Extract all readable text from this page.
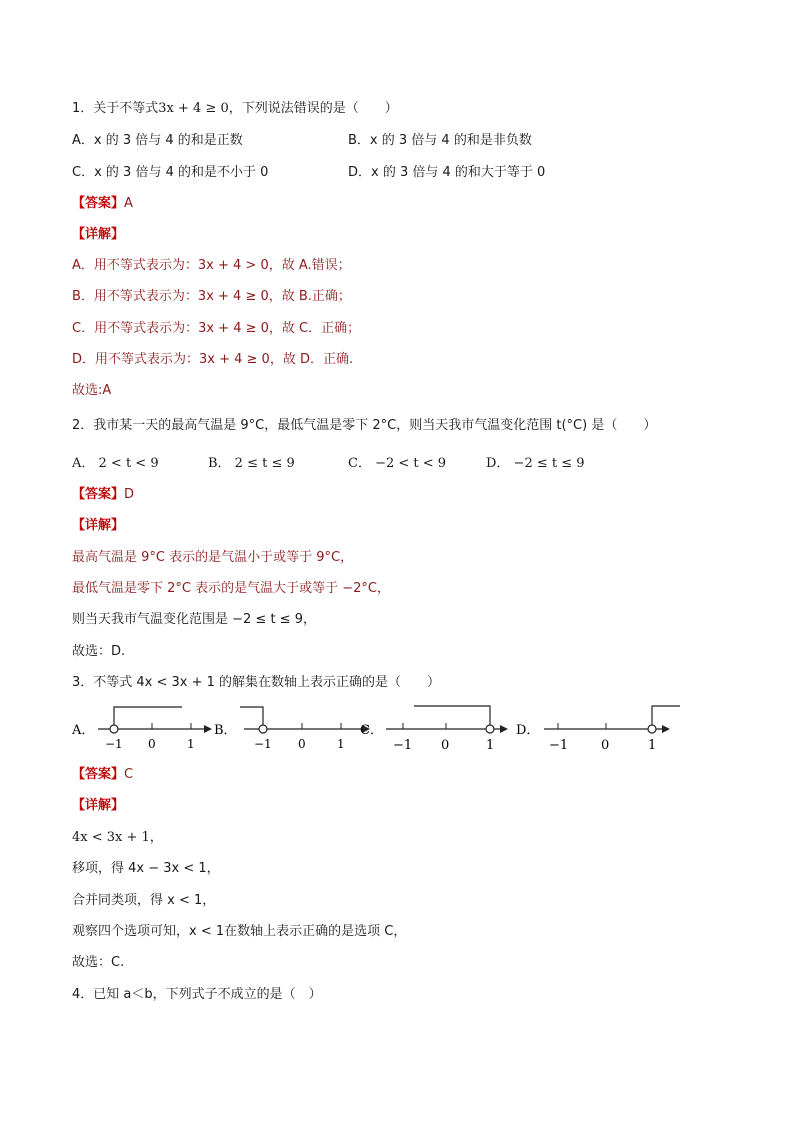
1．关于不等式3x + 4 ≥ 0，下列说法错误的是（　　）
A．x 的 3 倍与 4 的和是正数	B．x 的 3 倍与 4 的和是非负数
C．x 的 3 倍与 4 的和是不小于 0	D．x 的 3 倍与 4 的和大于等于 0
【答案】A
【详解】
A．用不等式表示为：3x + 4 > 0，故 A.错误；
B．用不等式表示为：3x + 4 ≥ 0，故 B.正确；
C．用不等式表示为：3x + 4 ≥ 0，故 C．正确；
D．用不等式表示为：3x + 4 ≥ 0，故 D．正确.
故选:A
2．我市某一天的最高气温是 9°C，最低气温是零下 2°C，则当天我市气温变化范围 t(°C) 是（　　）
A． 2 < t < 9	B． 2 ≤ t ≤ 9	C． −2 < t < 9	D． −2 ≤ t ≤ 9
【答案】D
【详解】
最高气温是 9°C 表示的是气温小于或等于 9°C，
最低气温是零下 2°C 表示的是气温大于或等于 −2°C，
则当天我市气温变化范围是 −2 ≤ t ≤ 9，
故选：D.
3．不等式 4x < 3x + 1 的解集在数轴上表示正确的是（　　）
A．
−1 0	1
B．
−1 0	1
C．
−1 0	1
D．
−1	0	1
【答案】C
【详解】
4x < 3x + 1，
移项，得 4x − 3x < 1，
合并同类项，得 x < 1，
观察四个选项可知，x < 1在数轴上表示正确的是选项 C，
故选：C.
4．已知 a＜b，下列式子不成立的是（　）
